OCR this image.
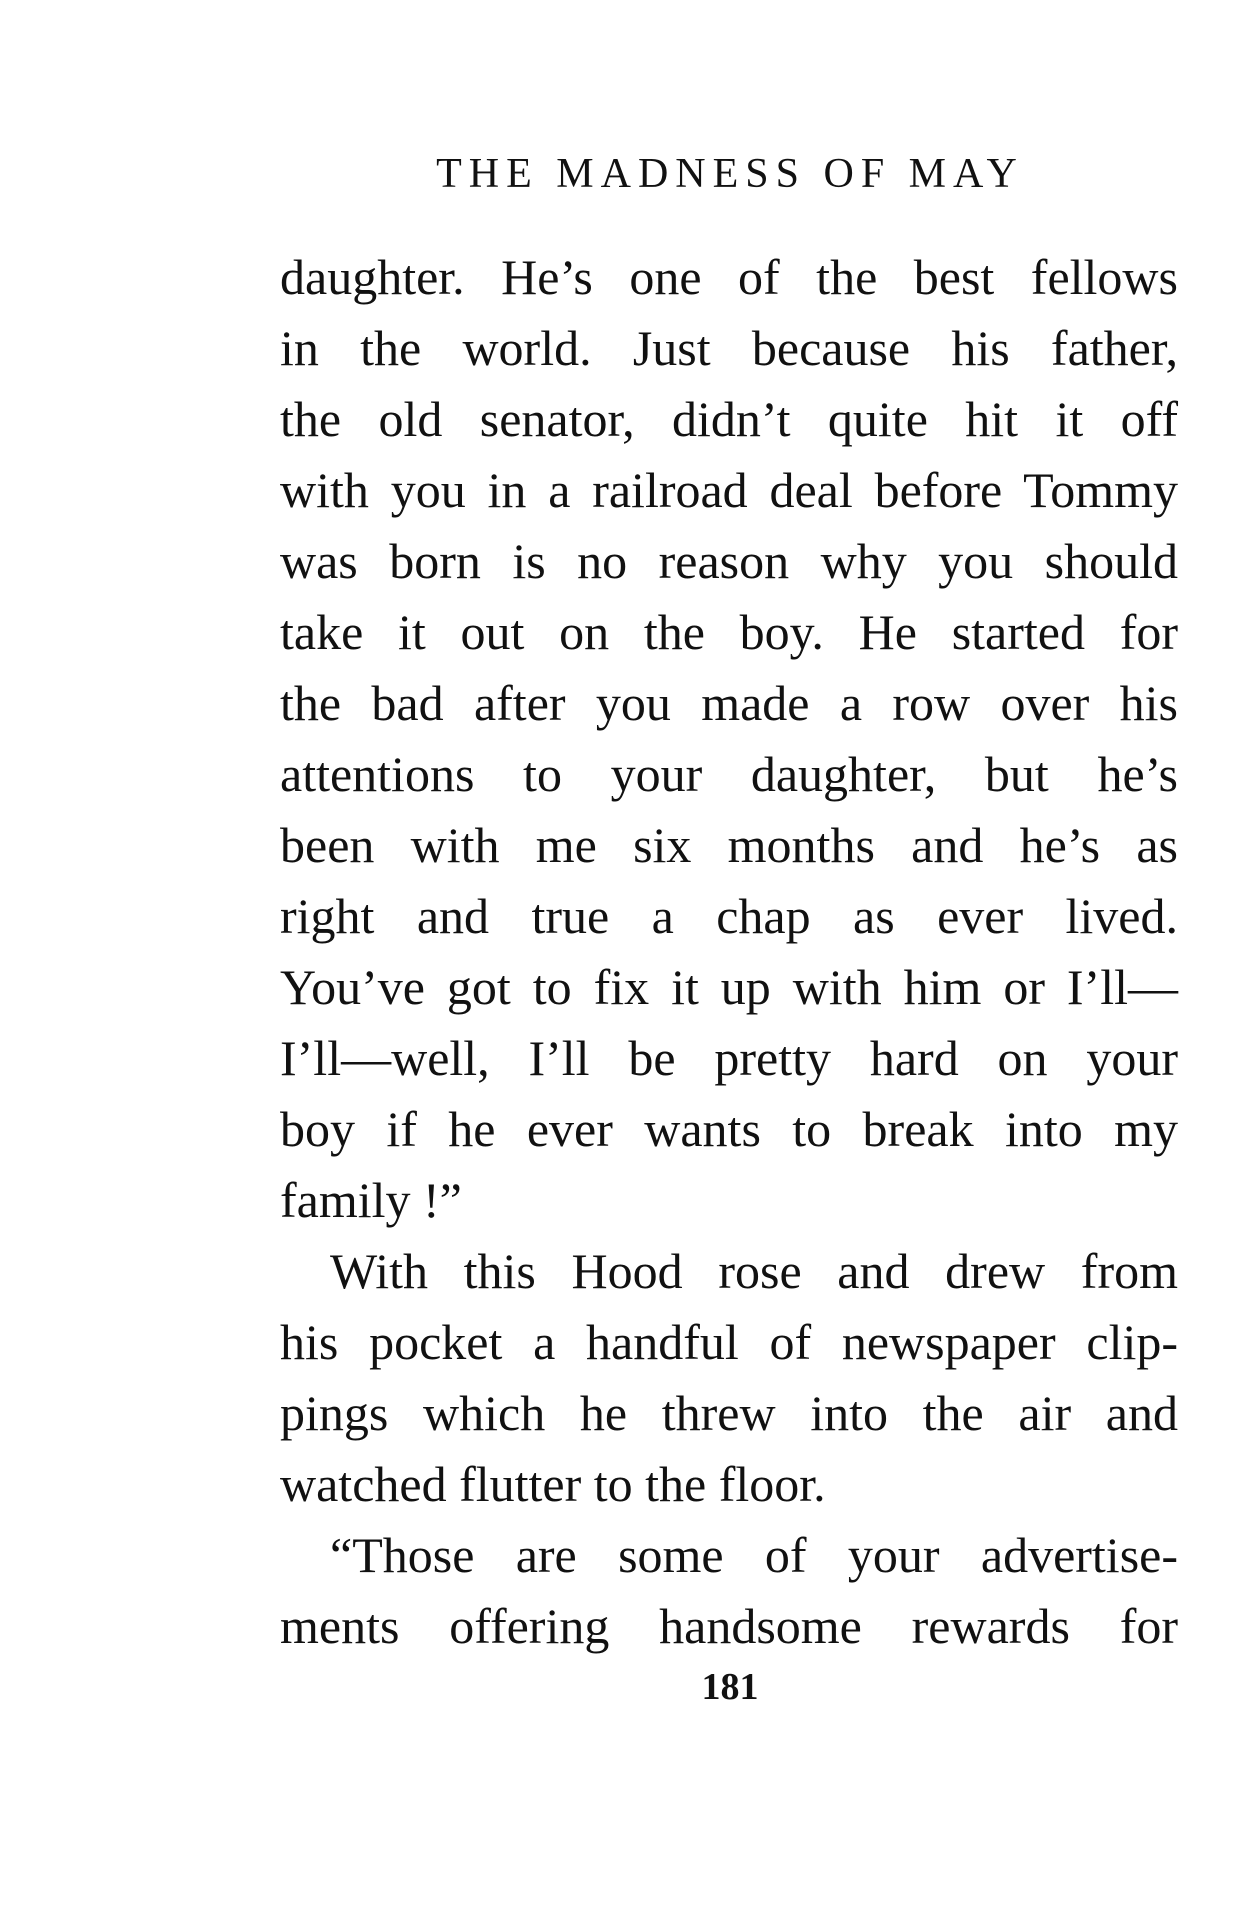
THE MADNESS OF MAY
daughter. He’s one of the best fellows
in the world. Just because his father,
the old senator, didn’t quite hit it off
with you in a railroad deal before Tommy
was born is no reason why you should
take it out on the boy. He started for
the bad after you made a row over his
attentions to your daughter, but he’s
been with me six months and he’s as
right and true a chap as ever lived.
You’ve got to fix it up with him or I’ll—
I’ll—well, I’ll be pretty hard on your
boy if he ever wants to break into my
family !”
With this Hood rose and drew from
his pocket a handful of newspaper clip-
pings which he threw into the air and
watched flutter to the floor.
“Those are some of your advertise-
ments offering handsome rewards for
181
